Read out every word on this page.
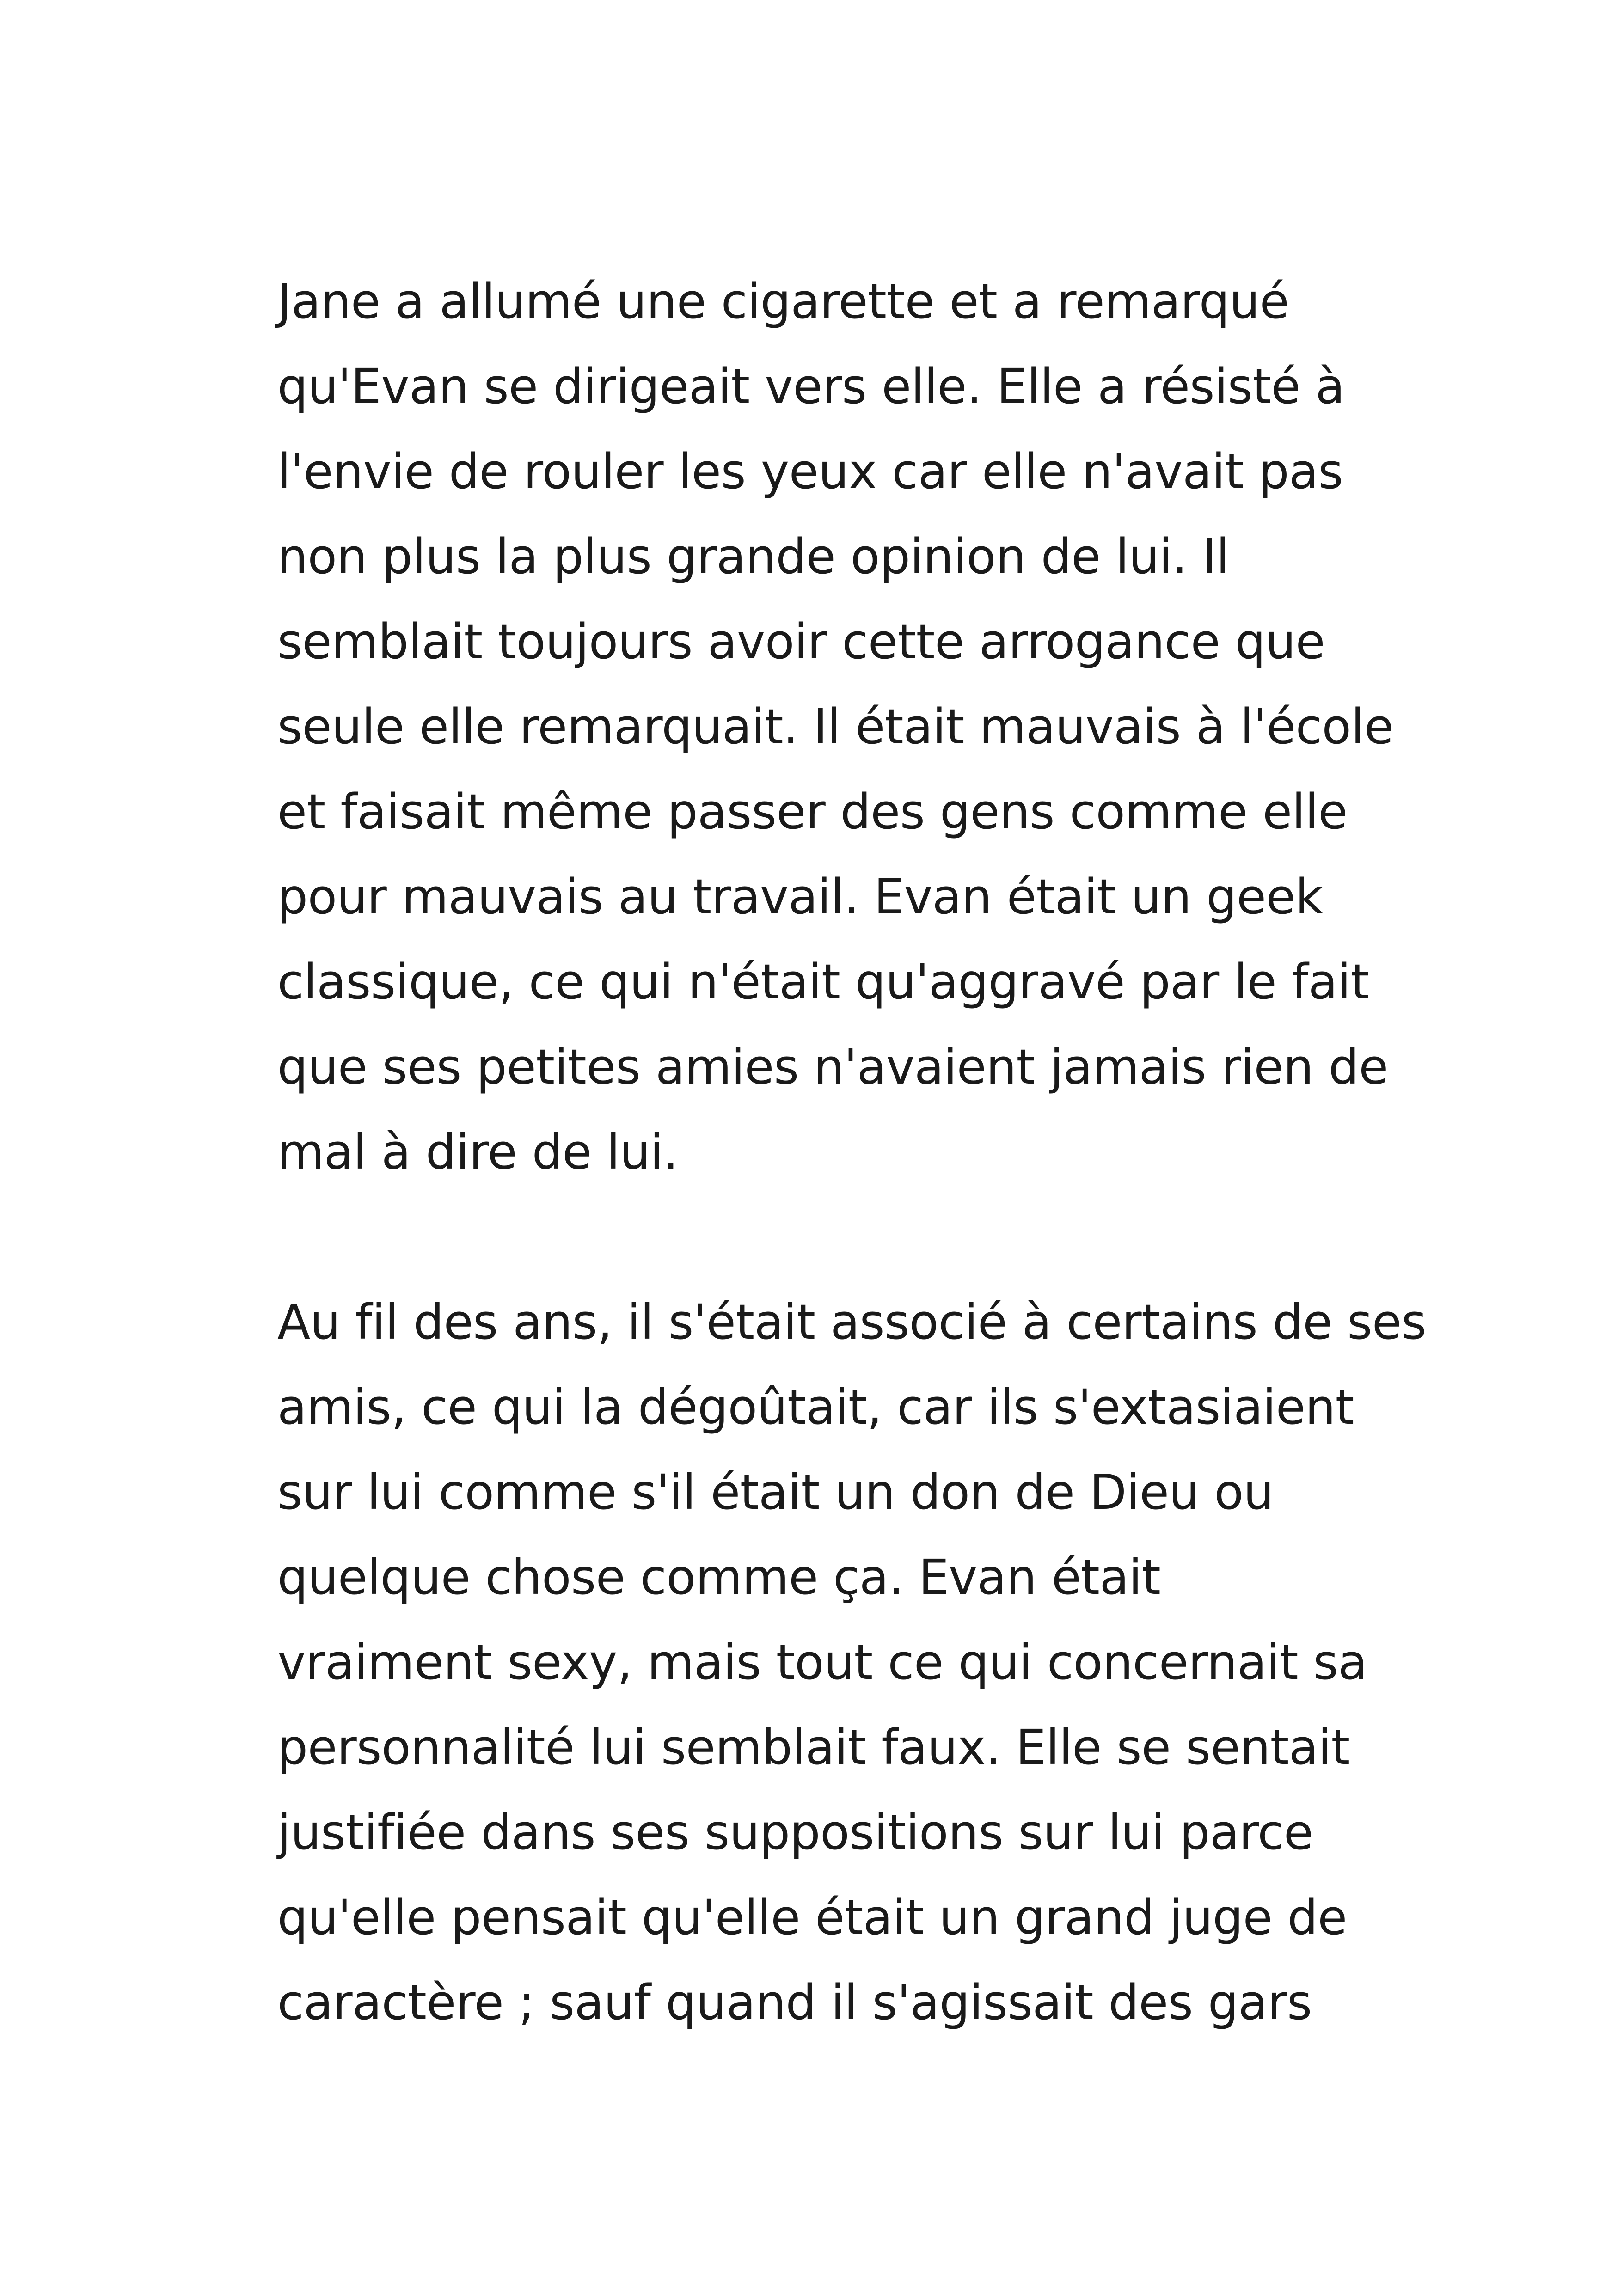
Jane a allumé une cigarette et a remarqué
qu'Evan se dirigeait vers elle. Elle a résisté à
l'envie de rouler les yeux car elle n'avait pas
non plus la plus grande opinion de lui. Il
semblait toujours avoir cette arrogance que
seule elle remarquait. Il était mauvais à l'école
et faisait même passer des gens comme elle
pour mauvais au travail. Evan était un geek
classique, ce qui n'était qu'aggravé par le fait
que ses petites amies n'avaient jamais rien de
mal à dire de lui.

Au fil des ans, il s'était associé à certains de ses
amis, ce qui la dégoûtait, car ils s'extasiaient
sur lui comme s'il était un don de Dieu ou
quelque chose comme ça. Evan était
vraiment sexy, mais tout ce qui concernait sa
personnalité lui semblait faux. Elle se sentait
justifiée dans ses suppositions sur lui parce
qu'elle pensait qu'elle était un grand juge de
caractère ; sauf quand il s'agissait des gars
